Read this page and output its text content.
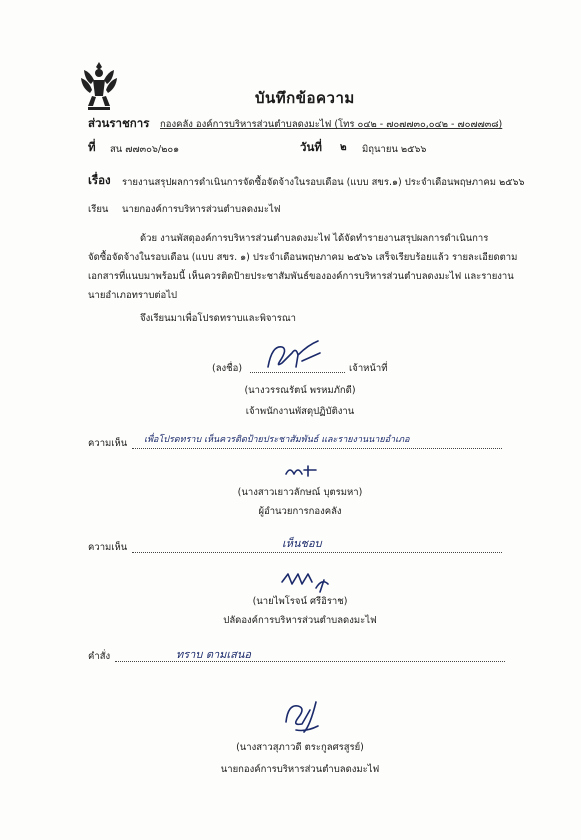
บันทึกข้อความ
ส่วนราชการ กองคลัง องค์การบริหารส่วนตำบลดงมะไฟ (โทร ๐๔๒ - ๗๐๗๗๓๐,๐๔๒ - ๗๐๗๗๓๘)
ที่ สน ๗๗๓๐๖/๒๐๑	วันที่ ๒ มิถุนายน ๒๕๖๖
เรื่อง รายงานสรุปผลการดำเนินการจัดซื้อจัดจ้างในรอบเดือน (แบบ สขร.๑) ประจำเดือนพฤษภาคม ๒๕๖๖
เรียน นายกองค์การบริหารส่วนตำบลดงมะไฟ
ด้วย งานพัสดุองค์การบริหารส่วนตำบลดงมะไฟ ได้จัดทำรายงานสรุปผลการดำเนินการ
จัดซื้อจัดจ้างในรอบเดือน (แบบ สขร. ๑) ประจำเดือนพฤษภาคม ๒๕๖๖ เสร็จเรียบร้อยแล้ว รายละเอียดตาม
เอกสารที่แนบมาพร้อมนี้ เห็นควรติดป้ายประชาสัมพันธ์ขององค์การบริหารส่วนตำบลดงมะไฟ และรายงาน
นายอำเภอทราบต่อไป
จึงเรียนมาเพื่อโปรดทราบและพิจารณา
(ลงชื่อ)	เจ้าหน้าที่
(นางวรรณรัตน์ พรหมภักดี)
เจ้าพนักงานพัสดุปฏิบัติงาน
ความเห็น เพื่อโปรดทราบ เห็นควรติดป้ายประชาสัมพันธ์ และรายงานนายอำเภอ
(นางสาวเยาวลักษณ์ บุตรมหา)
ผู้อำนวยการกองคลัง
ความเห็น	เห็นชอบ
(นายไพโรจน์ ศรีอิราช)
ปลัดองค์การบริหารส่วนตำบลดงมะไฟ
คำสั่ง	ทราบ ตามเสนอ
(นางสาวสุภาวดี ตระกูลศรสูรย์)
นายกองค์การบริหารส่วนตำบลดงมะไฟ
